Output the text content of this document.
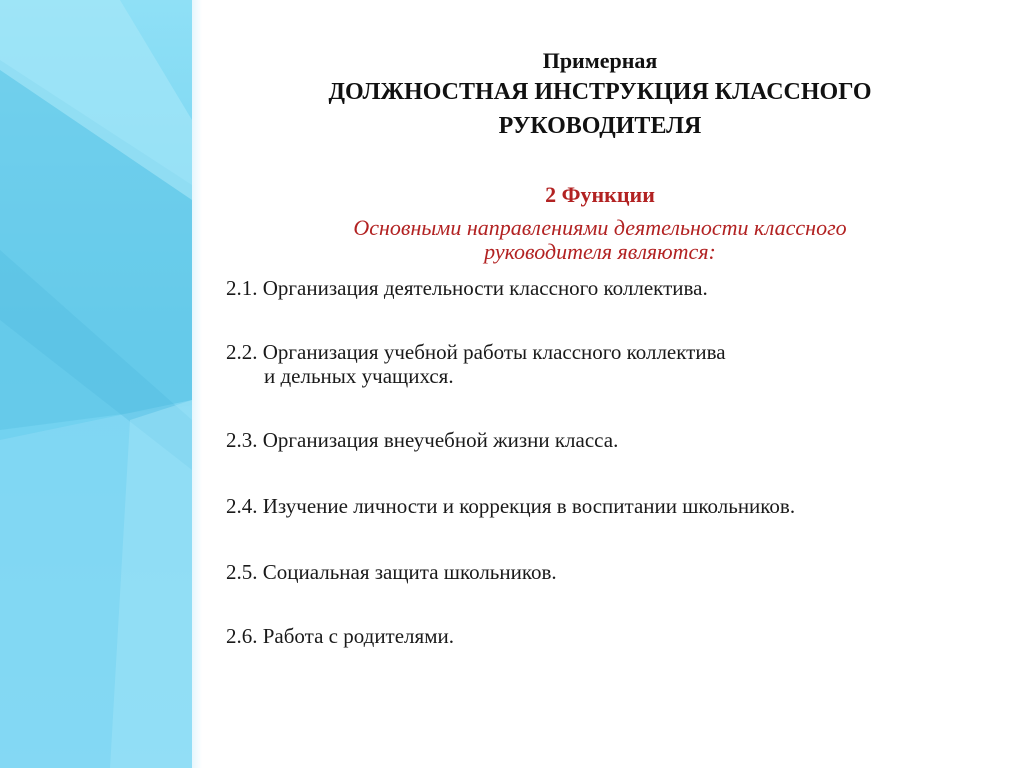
Примерная
ДОЛЖНОСТНАЯ ИНСТРУКЦИЯ КЛАССНОГО
РУКОВОДИТЕЛЯ
2 Функции
Основными направлениями деятельности классного
руководителя являются:
2.1. Организация деятельности классного коллектива.
2.2. Организация учебной работы классного коллектива
и дельных учащихся.
2.3. Организация внеучебной жизни класса.
2.4. Изучение личности и коррекция в воспитании школьников.
2.5. Социальная защита школьников.
2.6. Работа с родителями.
